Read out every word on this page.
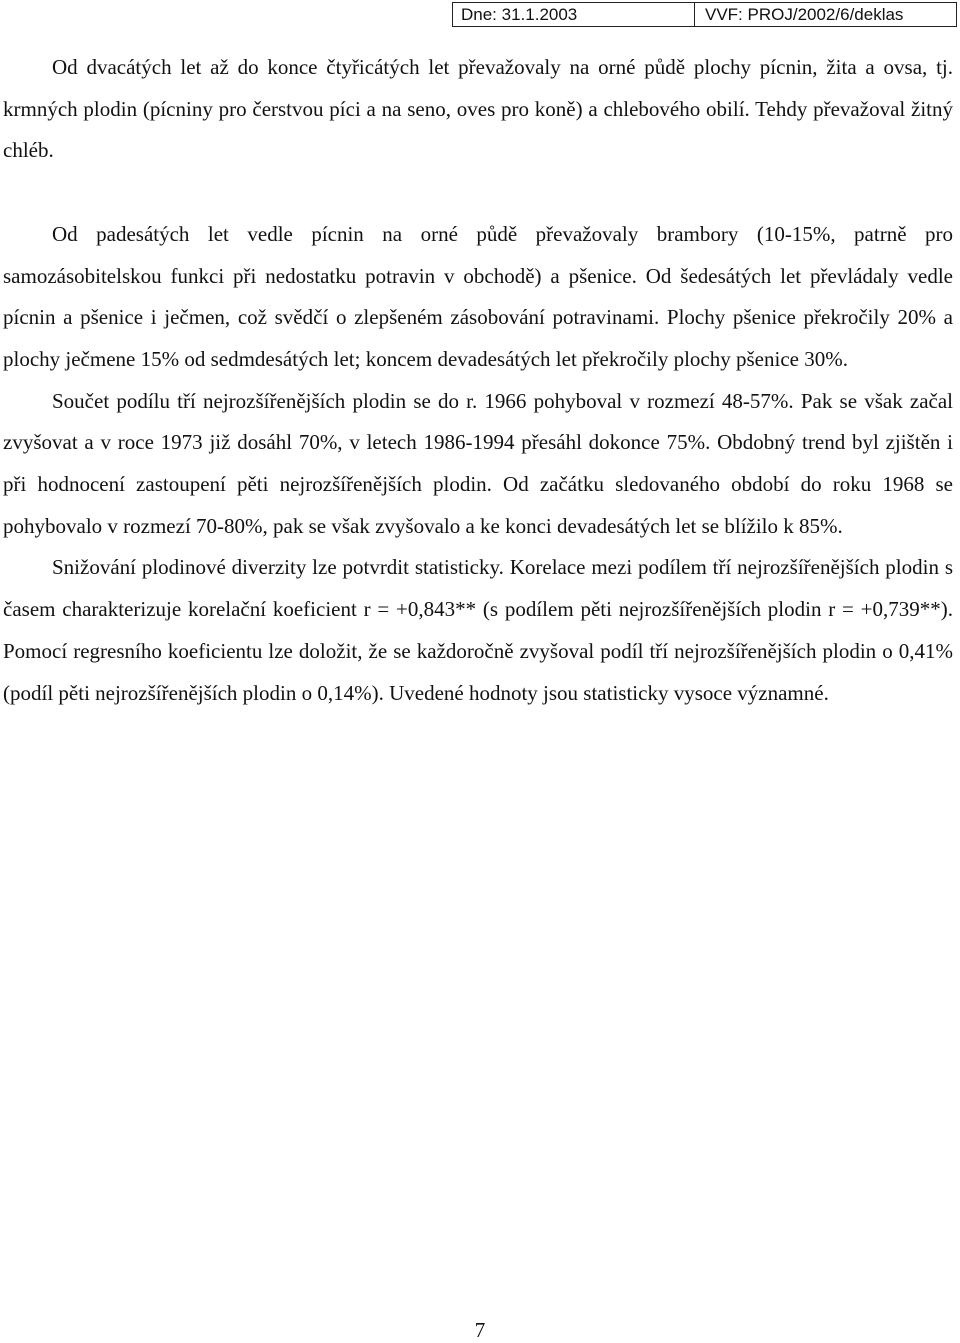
Dne: 31.1.2003	VVF: PROJ/2002/6/deklas

Od dvacátých let až do konce čtyřicátých let převažovaly na orné půdě plochy pícnin, žita a ovsa, tj. krmných plodin (pícniny pro čerstvou píci a na seno, oves pro koně) a chlebového obilí. Tehdy převažoval žitný chléb.

Od padesátých let vedle pícnin na orné půdě převažovaly brambory (10-15%, patrně pro samozásobitelskou funkci při nedostatku potravin v obchodě) a pšenice. Od šedesátých let převládaly vedle pícnin a pšenice i ječmen, což svědčí o zlepšeném zásobování potravinami. Plochy pšenice překročily 20% a plochy ječmene 15% od sedmdesátých let; koncem devadesátých let překročily plochy pšenice 30%.

Součet podílu tří nejrozšířenějších plodin se do r. 1966 pohyboval v rozmezí 48-57%. Pak se však začal zvyšovat a v roce 1973 již dosáhl 70%, v letech 1986-1994 přesáhl dokonce 75%. Obdobný trend byl zjištěn i při hodnocení zastoupení pěti nejrozšířenějších plodin. Od začátku sledovaného období do roku 1968 se pohybovalo v rozmezí 70-80%, pak se však zvyšovalo a ke konci devadesátých let se blížilo k 85%.

Snižování plodinové diverzity lze potvrdit statisticky. Korelace mezi podílem tří nejrozšířenějších plodin s časem charakterizuje korelační koeficient r = +0,843** (s podílem pěti nejrozšířenějších plodin r = +0,739**). Pomocí regresního koeficientu lze doložit, že se každoročně zvyšoval podíl tří nejrozšířenějších plodin o 0,41% (podíl pěti nejrozšířenějších plodin o 0,14%). Uvedené hodnoty jsou statisticky vysoce významné.

7
